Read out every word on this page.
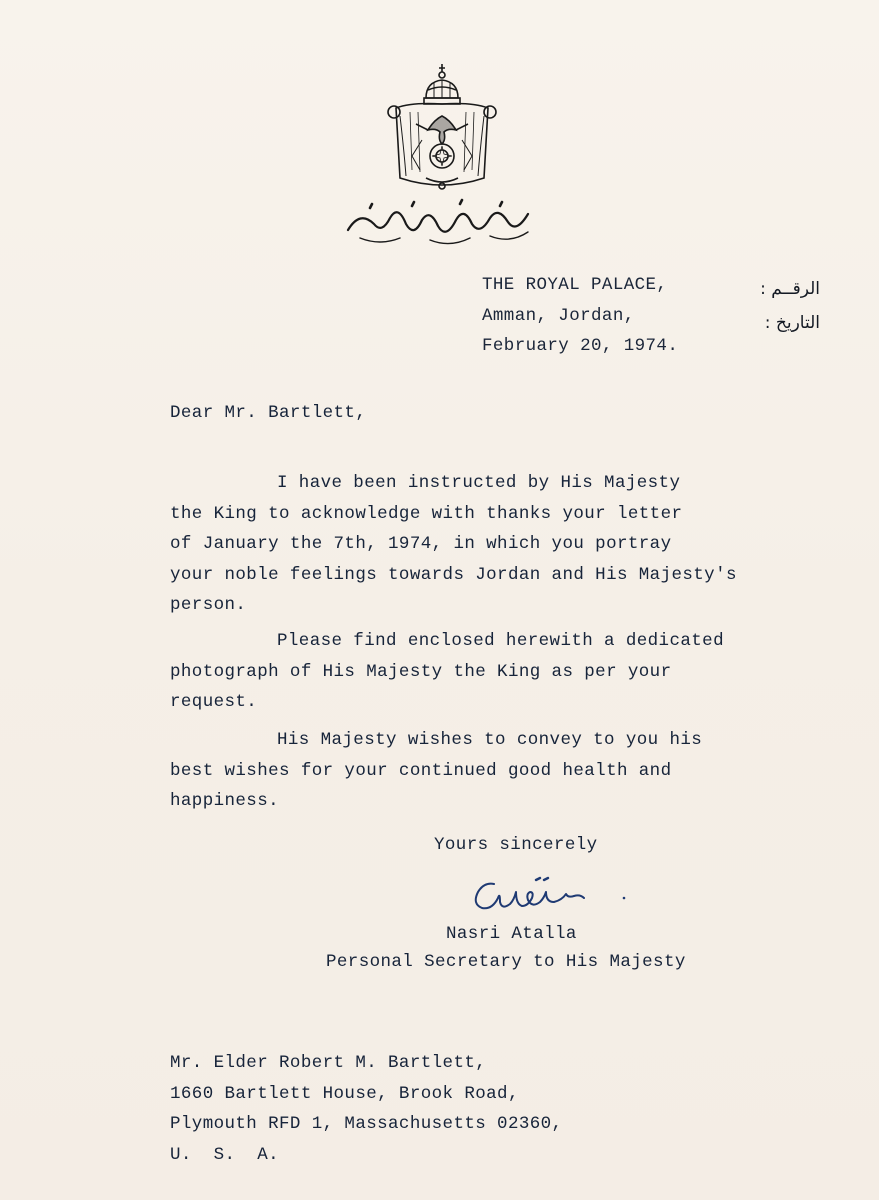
THE ROYAL PALACE,
Amman, Jordan,
February 20, 1974.
الرقــم :
التاريخ :
Dear Mr. Bartlett,
I have been instructed by His Majesty
the King to acknowledge with thanks your letter
of January the 7th, 1974, in which you portray
your noble feelings towards Jordan and His Majesty's
person.
Please find enclosed herewith a dedicated
photograph of His Majesty the King as per your
request.
His Majesty wishes to convey to you his
best wishes for your continued good health and
happiness.
Yours sincerely
Nasri Atalla
Personal Secretary to His Majesty
Mr. Elder Robert M. Bartlett,
1660 Bartlett House, Brook Road,
Plymouth RFD 1, Massachusetts 02360,
U.  S.  A.
